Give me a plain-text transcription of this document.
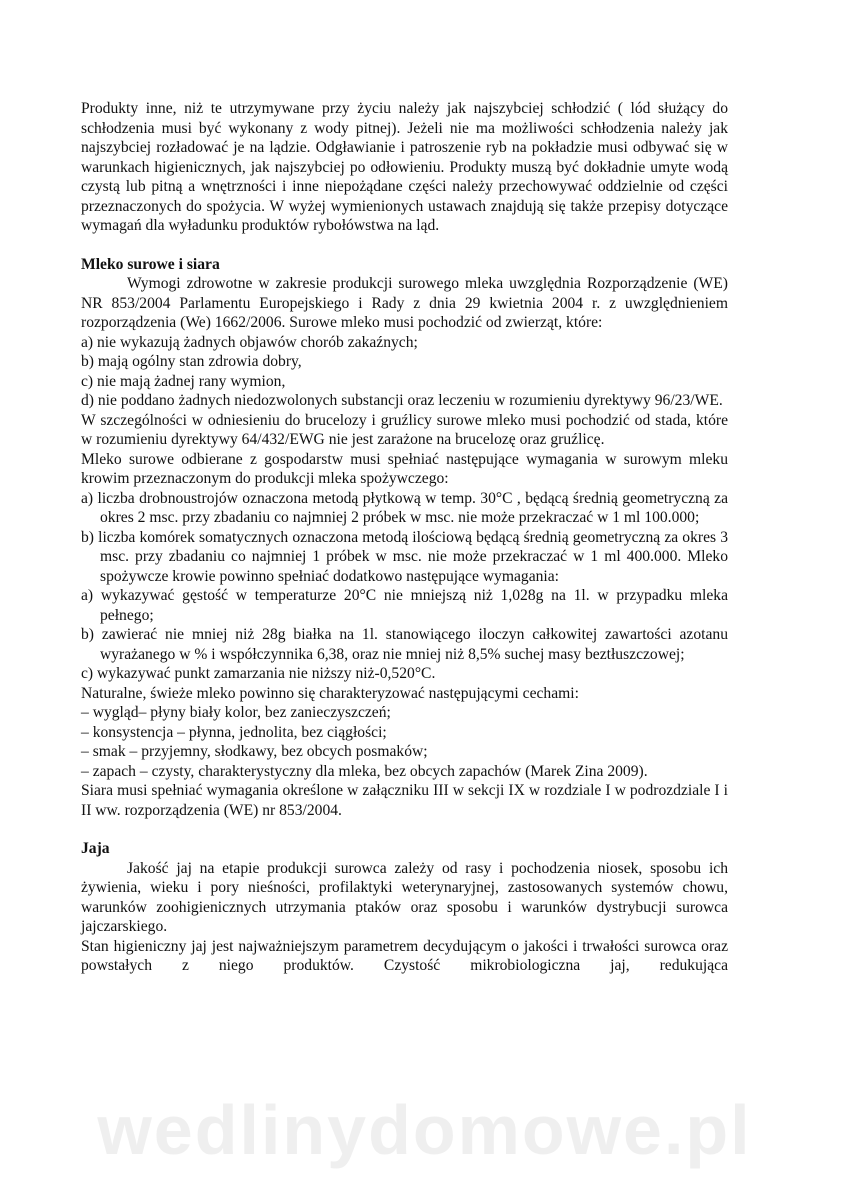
Produkty inne, niż te utrzymywane przy życiu należy jak najszybciej schłodzić ( lód służący do schłodzenia musi być wykonany z wody pitnej). Jeżeli nie ma możliwości schłodzenia należy jak najszybciej rozładować je na lądzie. Odgławianie i patroszenie ryb na pokładzie musi odbywać się w warunkach higienicznych, jak najszybciej po odłowieniu. Produkty muszą być dokładnie umyte wodą czystą lub pitną a wnętrzności i inne niepożądane części należy przechowywać oddzielnie od części przeznaczonych do spożycia. W wyżej wymienionych ustawach znajdują się także przepisy dotyczące wymagań dla wyładunku produktów rybołówstwa na ląd.

Mleko surowe i siara

Wymogi zdrowotne w zakresie produkcji surowego mleka uwzględnia Rozporządzenie (WE) NR 853/2004 Parlamentu Europejskiego i Rady z dnia 29 kwietnia 2004 r. z uwzględnieniem rozporządzenia (We) 1662/2006. Surowe mleko musi pochodzić od zwierząt, które:

a) nie wykazują żadnych objawów chorób zakaźnych;

b) mają ogólny stan zdrowia dobry,

c) nie mają żadnej rany wymion,

d) nie poddano żadnych niedozwolonych substancji oraz leczeniu w rozumieniu dyrektywy 96/23/WE.

W szczególności w odniesieniu do brucelozy i gruźlicy surowe mleko musi pochodzić od stada, które w rozumieniu dyrektywy 64/432/EWG nie jest zarażone na brucelozę oraz gruźlicę.

Mleko surowe odbierane z gospodarstw musi spełniać następujące wymagania w surowym mleku krowim przeznaczonym do produkcji mleka spożywczego:

a) liczba drobnoustrojów oznaczona metodą płytkową w temp. 30°C , będącą średnią geometryczną za okres 2 msc. przy zbadaniu co najmniej 2 próbek w msc. nie może przekraczać w 1 ml 100.000;

b) liczba komórek somatycznych oznaczona metodą ilościową będącą średnią geometryczną za okres 3 msc. przy zbadaniu co najmniej 1 próbek w msc. nie może przekraczać w 1 ml 400.000. Mleko spożywcze krowie powinno spełniać dodatkowo następujące wymagania:

a) wykazywać gęstość w temperaturze 20°C nie mniejszą niż 1,028g na 1l. w przypadku mleka pełnego;

b) zawierać nie mniej niż 28g białka na 1l. stanowiącego iloczyn całkowitej zawartości azotanu wyrażanego w % i współczynnika 6,38, oraz nie mniej niż 8,5% suchej masy beztłuszczowej;

c) wykazywać punkt zamarzania nie niższy niż-0,520°C.

Naturalne, świeże mleko powinno się charakteryzować następującymi cechami:

– wygląd– płyny biały kolor, bez zanieczyszczeń;

– konsystencja – płynna, jednolita, bez ciągłości;

– smak – przyjemny, słodkawy, bez obcych posmaków;

– zapach – czysty, charakterystyczny dla mleka, bez obcych zapachów (Marek Zina 2009).

Siara musi spełniać wymagania określone w załączniku III w sekcji IX w rozdziale I w podrozdziale I i II ww. rozporządzenia (WE) nr 853/2004.

Jaja

Jakość jaj na etapie produkcji surowca zależy od rasy i pochodzenia niosek, sposobu ich żywienia, wieku i pory nieśności, profilaktyki weterynaryjnej, zastosowanych systemów chowu, warunków zoohigienicznych utrzymania ptaków oraz sposobu i warunków dystrybucji surowca jajczarskiego.

Stan higieniczny jaj jest najważniejszym parametrem decydującym o jakości i trwałości surowca oraz powstałych z niego produktów. Czystość mikrobiologiczna jaj, redukująca

wedlinydomowe.pl
